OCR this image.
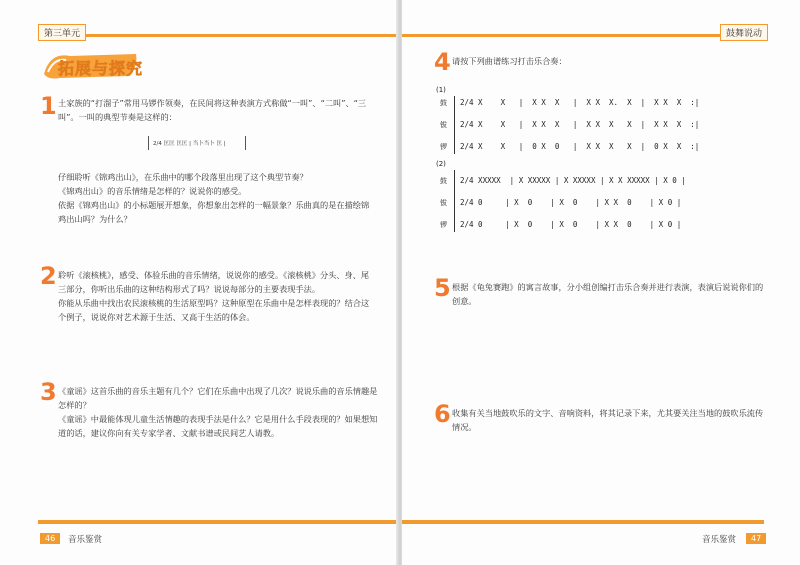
第三单元
拓展与探究
1 土家族的“打溜子”常用马锣作领奏，在民间将这种表演方式称做“一叫”、“二叫”、“三
叫”。一叫的典型节奏是这样的：
2/4 匡匡 匡匡 | 当卜当卜 匡 |
仔细聆听《锦鸡出山》，在乐曲中的哪个段落里出现了这个典型节奏？
《锦鸡出山》的音乐情绪是怎样的？说说你的感受。
依据《锦鸡出山》的小标题展开想象，你想象出怎样的一幅景象？乐曲真的是在描绘锦
鸡出山吗？为什么？
2 聆听《滚核桃》，感受、体验乐曲的音乐情绪，说说你的感受。《滚核桃》分头、身、尾
三部分，你听出乐曲的这种结构形式了吗？说说每部分的主要表现手法。
你能从乐曲中找出农民滚核桃的生活原型吗？这种原型在乐曲中是怎样表现的？结合这
个例子，说说你对艺术源于生活、又高于生活的体会。
3 《童谣》这首乐曲的音乐主题有几个？它们在乐曲中出现了几次？说说乐曲的音乐情趣是
怎样的？
《童谣》中最能体现儿童生活情趣的表现手法是什么？它是用什么手段表现的？如果想知
道的话，建议你向有关专家学者、文献书谱或民间艺人请教。
46	音乐鉴赏
鼓舞说动
4 请按下列曲谱练习打击乐合奏：
(1)
鼓 2/4 X    X   |  X X  X   |  X X  X.  X  |  X X  X  :|
钹 2/4 X    X   |  X X  X   |  X X  X   X  |  X X  X  :|
锣 2/4 X    X   |  0 X  0   |  X X  X   X  |  0 X  X  :|
(2)
鼓 2/4 XXXXX  | X XXXXX | X XXXXX | X X XXXXX | X 0 |
钹 2/4 0     | X  0    | X  0    | X X  0    | X 0 |
锣 2/4 0     | X  0    | X  0    | X X  0    | X 0 |
5 根据《龟兔赛跑》的寓言故事，分小组创编打击乐合奏并进行表演，表演后说说你们的
创意。
6 收集有关当地鼓吹乐的文字、音响资料，将其记录下来，尤其要关注当地的鼓吹乐流传
情况。
音乐鉴赏	47
